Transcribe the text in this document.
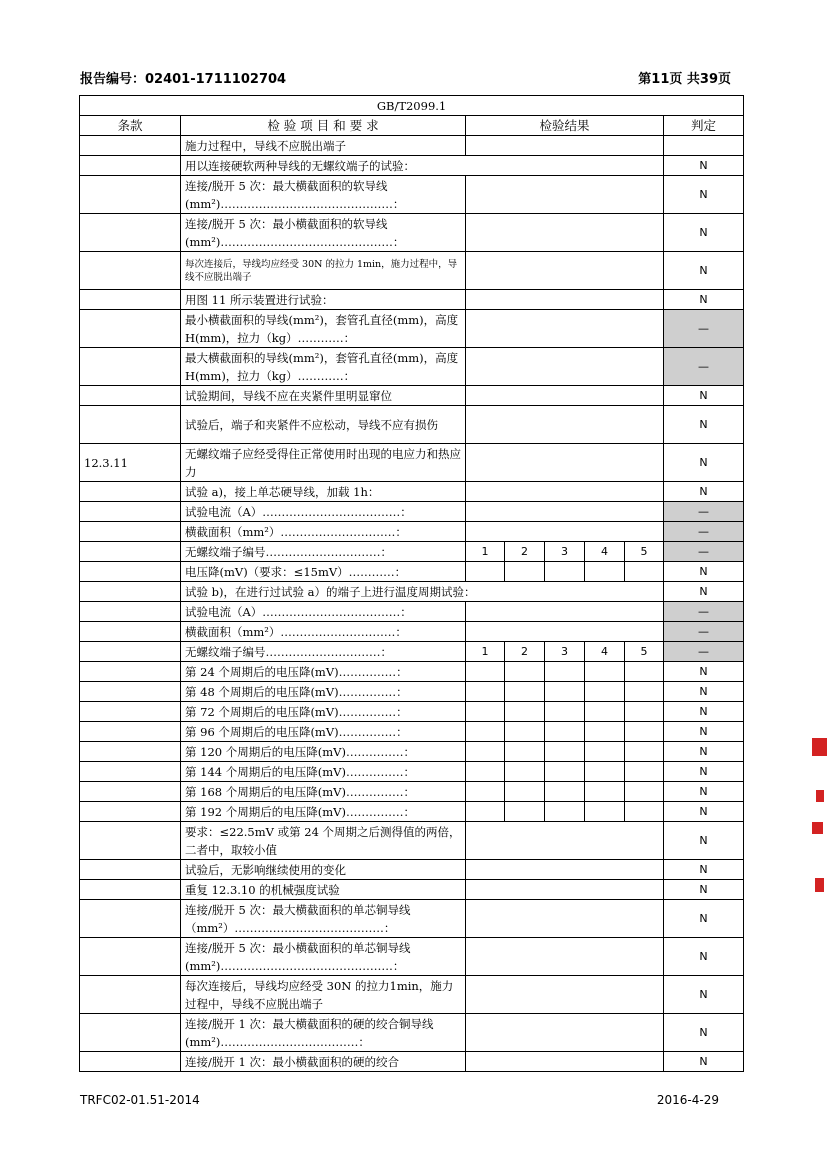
报告编号：02401-1711102704	第11页 共39页
GB/T2099.1							
条款	检 验 项 目 和 要 求	检验结果					判定
	施力过程中，导线不应脱出端子						
	用以连接硬软两种导线的无螺纹端子的试验：						N
	连接/脱开 5 次：最大横截面积的软导线(mm²)………………………………………：						N
	连接/脱开 5 次：最小横截面积的软导线(mm²)………………………………………：						N
	每次连接后，导线均应经受 30N 的拉力 1min，施力过程中，导线不应脱出端子						N
	用图 11 所示装置进行试验：						N
	最小横截面积的导线(mm²)，套管孔直径(mm)，高度 H(mm)，拉力（kg）…………：						—
	最大横截面积的导线(mm²)，套管孔直径(mm)，高度 H(mm)，拉力（kg）…………：						—
	试验期间，导线不应在夹紧件里明显窜位						N
	试验后，端子和夹紧件不应松动，导线不应有损伤						N
12.3.11	无螺纹端子应经受得住正常使用时出现的电应力和热应力						N
	试验 a)，接上单芯硬导线，加载 1h：						N
	试验电流（A）………………………………：						—
	横截面积（mm²）…………………………：						—
	无螺纹端子编号…………………………：	1	2	3	4	5	—
	电压降(mV)（要求：≤15mV）…………：						N
	试验 b)，在进行过试验 a）的端子上进行温度周期试验：						N
	试验电流（A）………………………………：						—
	横截面积（mm²）…………………………：						—
	无螺纹端子编号…………………………：	1	2	3	4	5	—
	第 24 个周期后的电压降(mV)……………：						N
	第 48 个周期后的电压降(mV)……………：						N
	第 72 个周期后的电压降(mV)……………：						N
	第 96 个周期后的电压降(mV)……………：						N
	第 120 个周期后的电压降(mV)……………：						N
	第 144 个周期后的电压降(mV)……………：						N
	第 168 个周期后的电压降(mV)……………：						N
	第 192 个周期后的电压降(mV)……………：						N
	要求：≤22.5mV 或第 24 个周期之后测得值的两倍，二者中，取较小值						N
	试验后，无影响继续使用的变化						N
	重复 12.3.10 的机械强度试验						N
	连接/脱开 5 次：最大横截面积的单芯铜导线（mm²）…………………………………：						N
	连接/脱开 5 次：最小横截面积的单芯铜导线(mm²)………………………………………：						N
	每次连接后，导线均应经受 30N 的拉力1min，施力过程中，导线不应脱出端子						N
	连接/脱开 1 次：最大横截面积的硬的绞合铜导线(mm²)………………………………：						N
	连接/脱开 1 次：最小横截面积的硬的绞合						N
TRFC02-01.51-2014	2016-4-29
